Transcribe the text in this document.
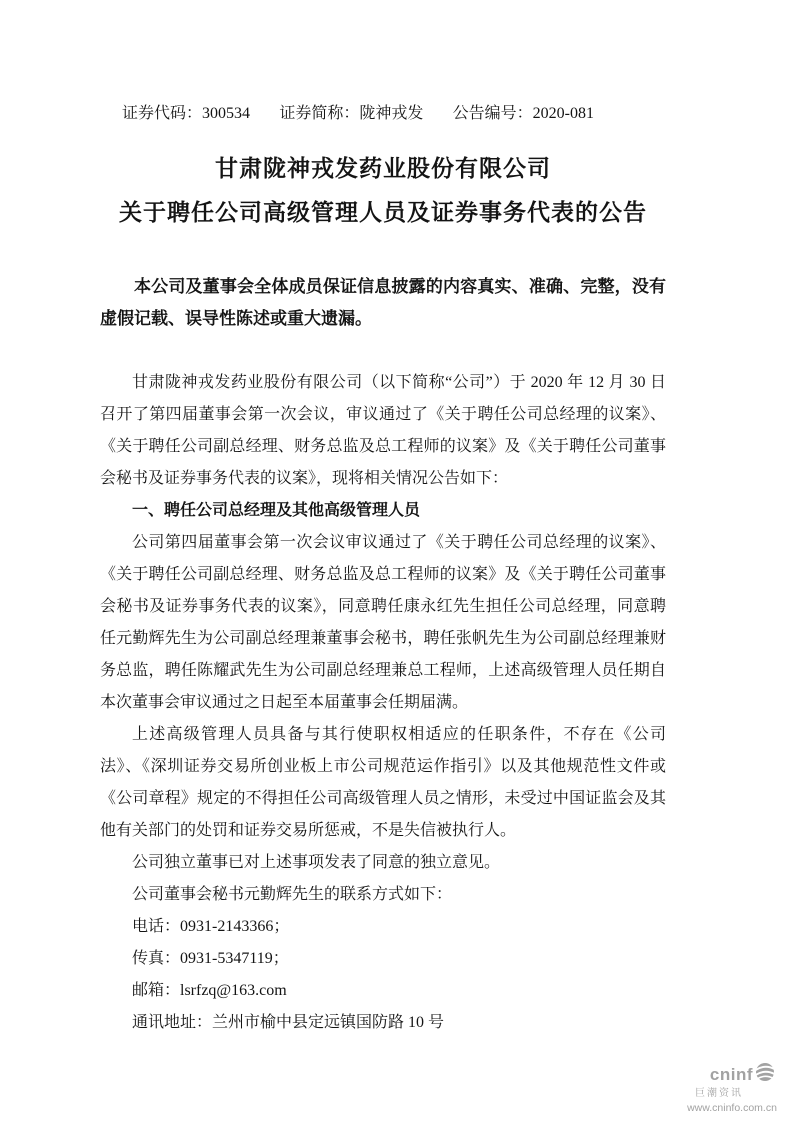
证券代码：300534 证券简称：陇神戎发 公告编号：2020-081
甘肃陇神戎发药业股份有限公司
关于聘任公司高级管理人员及证券事务代表的公告
本公司及董事会全体成员保证信息披露的内容真实、准确、完整，没有虚假记载、误导性陈述或重大遗漏。

甘肃陇神戎发药业股份有限公司（以下简称“公司”）于 2020 年 12 月 30 日召开了第四届董事会第一次会议，审议通过了《关于聘任公司总经理的议案》、《关于聘任公司副总经理、财务总监及总工程师的议案》及《关于聘任公司董事会秘书及证券事务代表的议案》，现将相关情况公告如下：

一、聘任公司总经理及其他高级管理人员

公司第四届董事会第一次会议审议通过了《关于聘任公司总经理的议案》、《关于聘任公司副总经理、财务总监及总工程师的议案》及《关于聘任公司董事会秘书及证券事务代表的议案》，同意聘任康永红先生担任公司总经理，同意聘任元勤辉先生为公司副总经理兼董事会秘书，聘任张帆先生为公司副总经理兼财务总监，聘任陈耀武先生为公司副总经理兼总工程师，上述高级管理人员任期自本次董事会审议通过之日起至本届董事会任期届满。

上述高级管理人员具备与其行使职权相适应的任职条件，不存在《公司法》、《深圳证券交易所创业板上市公司规范运作指引》以及其他规范性文件或《公司章程》规定的不得担任公司高级管理人员之情形，未受过中国证监会及其他有关部门的处罚和证券交易所惩戒，不是失信被执行人。

公司独立董事已对上述事项发表了同意的独立意见。

公司董事会秘书元勤辉先生的联系方式如下：

电话：0931-2143366；

传真：0931-5347119；

邮箱：lsrfzq@163.com

通讯地址：兰州市榆中县定远镇国防路 10 号

cninf
巨潮资讯
www.cninfo.com.cn
